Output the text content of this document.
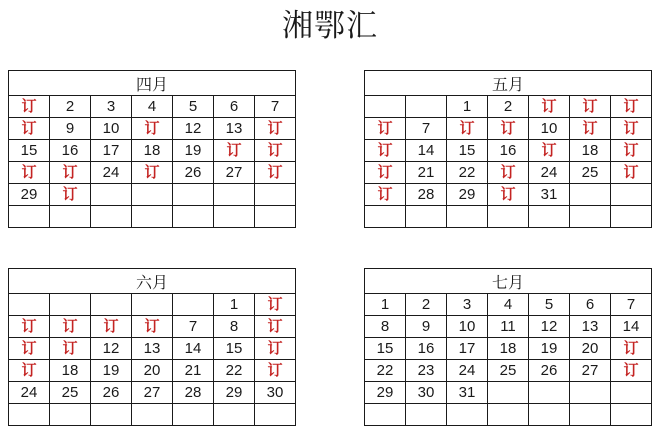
湘鄂汇
四月						
订	2	3	4	5	6	7
订	9	10	订	12	13	订
15	16	17	18	19	订	订
订	订	24	订	26	27	订
29	订					

五月						
		1	2	订	订	订
订	7	订	订	10	订	订
订	14	15	16	订	18	订
订	21	22	订	24	25	订
订	28	29	订	31		

六月						
					1	订
订	订	订	订	7	8	订
订	订	12	13	14	15	订
订	18	19	20	21	22	订
24	25	26	27	28	29	30

七月						
1	2	3	4	5	6	7
8	9	10	11	12	13	14
15	16	17	18	19	20	订
22	23	24	25	26	27	订
29	30	31				
